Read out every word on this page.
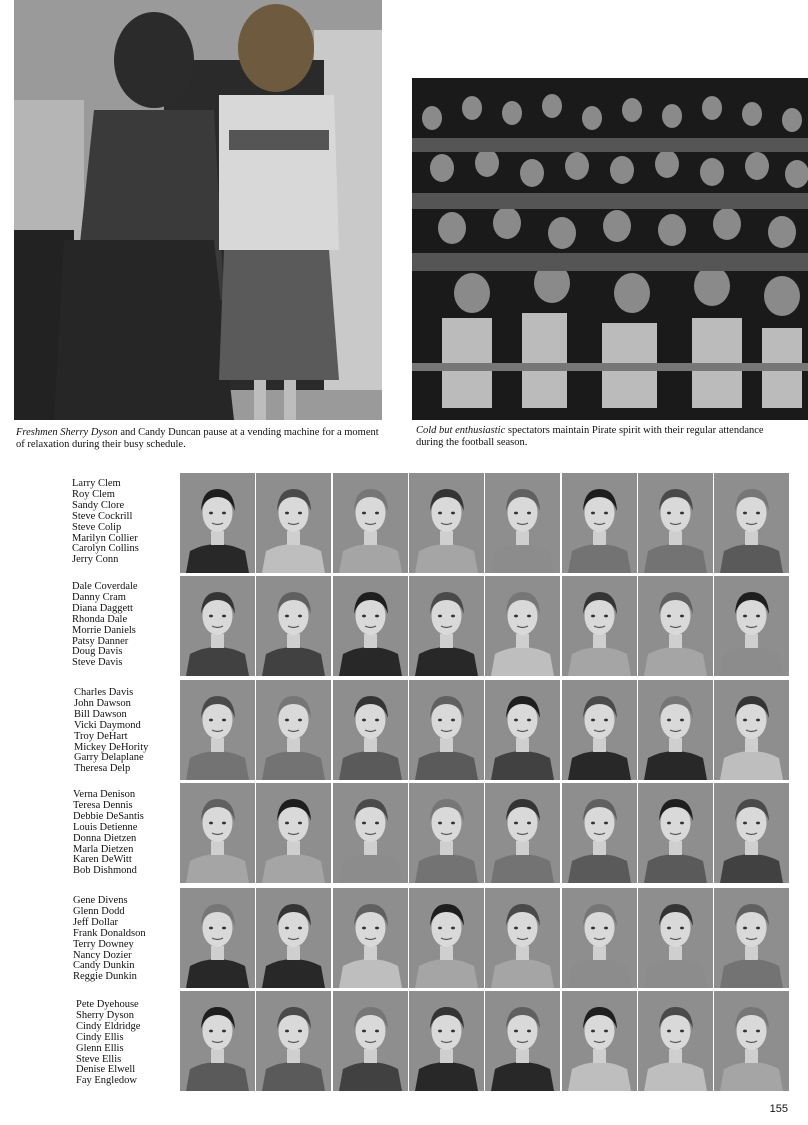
Freshmen Sherry Dyson and Candy Duncan pause at a vending machine for a moment of relaxation during their busy schedule.
Cold but enthusiastic spectators maintain Pirate spirit with their regular attendance during the football season.
Larry Clem
Roy Clem
Sandy Clore
Steve Cockrill
Steve Colip
Marilyn Collier
Carolyn Collins
Jerry Conn
Dale Coverdale
Danny Cram
Diana Daggett
Rhonda Dale
Morrie Daniels
Patsy Danner
Doug Davis
Steve Davis
Charles Davis
John Dawson
Bill Dawson
Vicki Daymond
Troy DeHart
Mickey DeHority
Garry Delaplane
Theresa Delp
Verna Denison
Teresa Dennis
Debbie DeSantis
Louis Detienne
Donna Dietzen
Marla Dietzen
Karen DeWitt
Bob Dishmond
Gene Divens
Glenn Dodd
Jeff Dollar
Frank Donaldson
Terry Downey
Nancy Dozier
Candy Dunkin
Reggie Dunkin
Pete Dyehouse
Sherry Dyson
Cindy Eldridge
Cindy Ellis
Glenn Ellis
Steve Ellis
Denise Elwell
Fay Engledow
155
